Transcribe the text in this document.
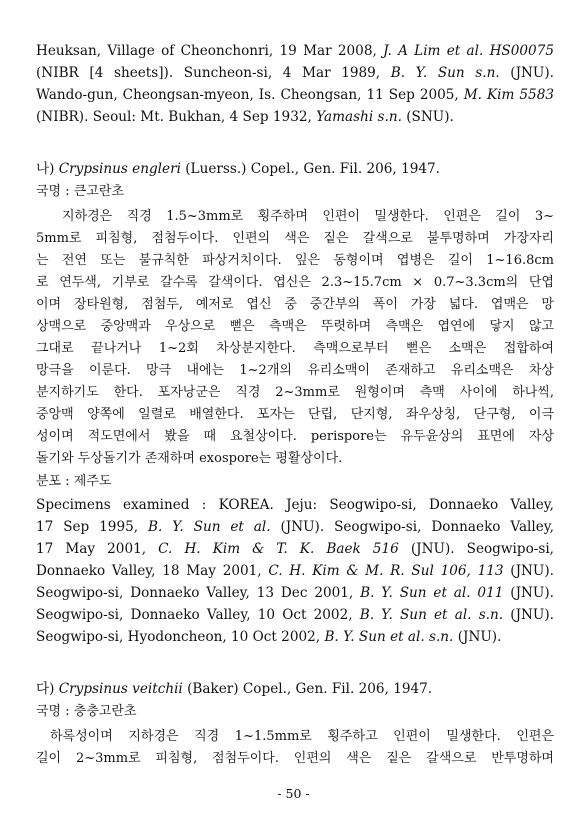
Heuksan, Village of Cheonchonri, 19 Mar 2008, J. A Lim et al. HS00075
(NIBR [4 sheets]). Suncheon-si, 4 Mar 1989, B. Y. Sun s.n. (JNU).
Wando-gun, Cheongsan-myeon, Is. Cheongsan, 11 Sep 2005, M. Kim 5583
(NIBR). Seoul: Mt. Bukhan, 4 Sep 1932, Yamashi s.n. (SNU).
나) Crypsinus engleri (Luerss.) Copel., Gen. Fil. 206, 1947.
국명 : 큰고란초
지하경은 직경 1.5~3mm로 횡주하며 인편이 밀생한다. 인편은 길이 3~
5mm로 피침형, 점첨두이다. 인편의 색은 짙은 갈색으로 불투명하며 가장자리
는 전연 또는 불규칙한 파상거치이다. 잎은 동형이며 엽병은 길이 1~16.8cm
로 연두색, 기부로 갈수록 갈색이다. 엽신은 2.3~15.7cm × 0.7~3.3cm의 단엽
이며 장타원형, 점첨두, 예저로 엽신 중 중간부의 폭이 가장 넓다. 엽맥은 망
상맥으로 중앙맥과 우상으로 뻗은 측맥은 뚜렷하며 측맥은 엽연에 닿지 않고
그대로 끝나거나 1~2회 차상분지한다. 측맥으로부터 뻗은 소맥은 접합하여
망극을 이룬다. 망극 내에는 1~2개의 유리소맥이 존재하고 유리소맥은 차상
분지하기도 한다. 포자낭군은 직경 2~3mm로 원형이며 측맥 사이에 하나씩,
중앙맥 양쪽에 일렬로 배열한다. 포자는 단립, 단지형, 좌우상칭, 단구형, 이극
성이며 적도면에서 봤을 때 요철상이다. perispore는 유두윤상의 표면에 자상
돌기와 두상돌기가 존재하며 exospore는 평활상이다.
분포 : 제주도
Specimens examined : KOREA. Jeju: Seogwipo-si, Donnaeko Valley,
17 Sep 1995, B. Y. Sun et al. (JNU). Seogwipo-si, Donnaeko Valley,
17 May 2001, C. H. Kim & T. K. Baek 516 (JNU). Seogwipo-si,
Donnaeko Valley, 18 May 2001, C. H. Kim & M. R. Sul 106, 113 (JNU).
Seogwipo-si, Donnaeko Valley, 13 Dec 2001, B. Y. Sun et al. 011 (JNU).
Seogwipo-si, Donnaeko Valley, 10 Oct 2002, B. Y. Sun et al. s.n. (JNU).
Seogwipo-si, Hyodoncheon, 10 Oct 2002, B. Y. Sun et al. s.n. (JNU).
다) Crypsinus veitchii (Baker) Copel., Gen. Fil. 206, 1947.
국명 : 충충고란초
하록성이며 지하경은 직경 1~1.5mm로 횡주하고 인편이 밀생한다. 인편은
길이 2~3mm로 피침형, 점첨두이다. 인편의 색은 짙은 갈색으로 반투명하며
- 50 -
